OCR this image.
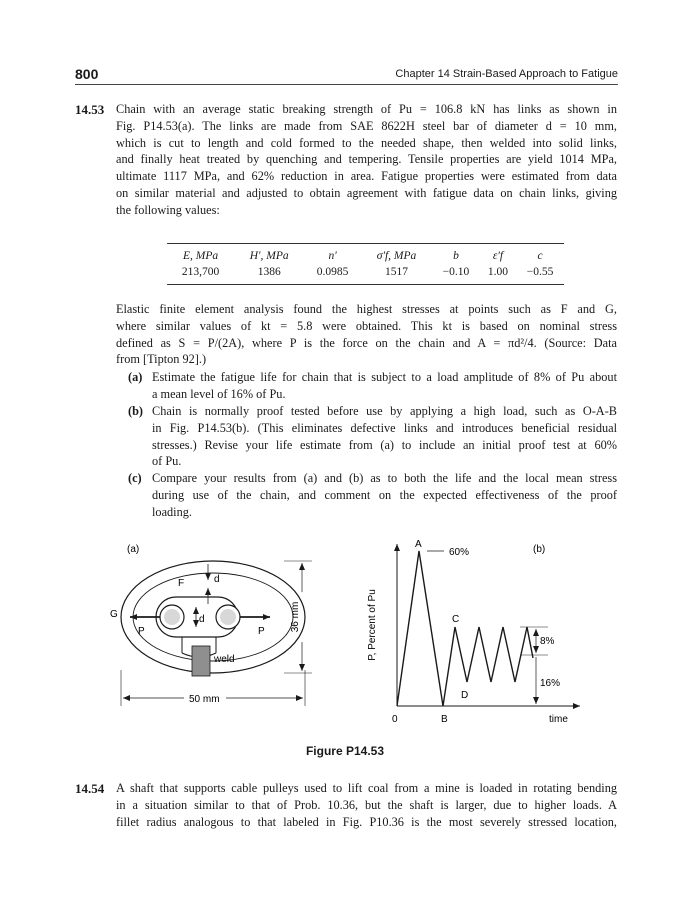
800	Chapter 14 Strain-Based Approach to Fatigue
14.53 Chain with an average static breaking strength of Pu = 106.8 kN has links as shown in
Fig. P14.53(a). The links are made from SAE 8622H steel bar of diameter d = 10 mm,
which is cut to length and cold formed to the needed shape, then welded into solid links,
and finally heat treated by quenching and tempering. Tensile properties are yield 1014 MPa,
ultimate 1117 MPa, and 62% reduction in area. Fatigue properties were estimated from data
on similar material and adjusted to obtain agreement with fatigue data on chain links, giving
the following values:
E, MPa	H′, MPa	n′	σ′f, MPa	b	ε′f	c
213,700	1386	0.0985	1517	−0.10	1.00	−0.55
Elastic finite element analysis found the highest stresses at points such as F and G,
where similar values of kt = 5.8 were obtained. This kt is based on nominal stress
defined as S = P/(2A), where P is the force on the chain and A = πd²/4. (Source: Data
from [Tipton 92].)
(a) Estimate the fatigue life for chain that is subject to a load amplitude of 8% of Pu about
a mean level of 16% of Pu.
(b) Chain is normally proof tested before use by applying a high load, such as O-A-B
in Fig. P14.53(b). (This eliminates defective links and introduces beneficial residual
stresses.) Revise your life estimate from (a) to include an initial proof test at 60%
of Pu.
(c) Compare your results from (a) and (b) as to both the life and the local mean stress
during use of the chain, and comment on the expected effectiveness of the proof
loading.
(a)
weld
d
d
F
G
P	P
50 mm
36 mm
(b)
P, Percent of Pu
time
0
A
B
C
D
60%
8%
16%
Figure P14.53
14.54 A shaft that supports cable pulleys used to lift coal from a mine is loaded in rotating bending
in a situation similar to that of Prob. 10.36, but the shaft is larger, due to higher loads. A
fillet radius analogous to that labeled in Fig. P10.36 is the most severely stressed location,
